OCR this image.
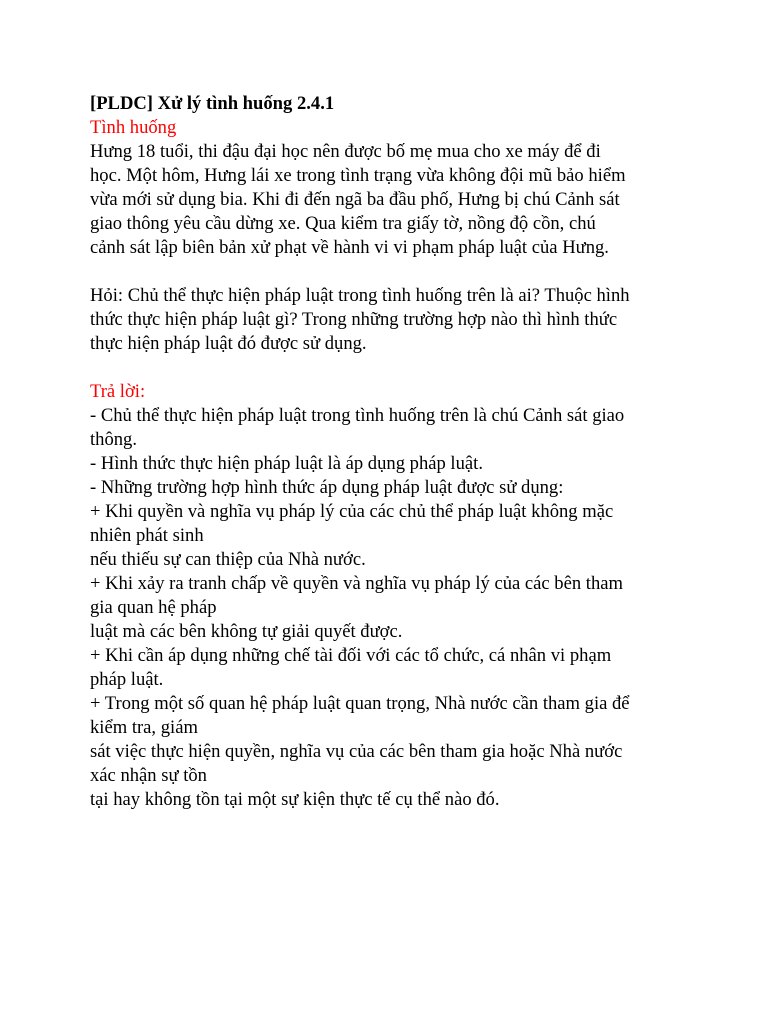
[PLDC] Xử lý tình huống 2.4.1
Tình huống
Hưng 18 tuổi, thi đậu đại học nên được bố mẹ mua cho xe máy để đi
học. Một hôm, Hưng lái xe trong tình trạng vừa không đội mũ bảo hiểm
vừa mới sử dụng bia. Khi đi đến ngã ba đầu phố, Hưng bị chú Cảnh sát
giao thông yêu cầu dừng xe. Qua kiểm tra giấy tờ, nồng độ cồn, chú
cảnh sát lập biên bản xử phạt về hành vi vi phạm pháp luật của Hưng.
Hỏi: Chủ thể thực hiện pháp luật trong tình huống trên là ai? Thuộc hình
thức thực hiện pháp luật gì? Trong những trường hợp nào thì hình thức
thực hiện pháp luật đó được sử dụng.
Trả lời:
- Chủ thể thực hiện pháp luật trong tình huống trên là chú Cảnh sát giao
thông.
- Hình thức thực hiện pháp luật là áp dụng pháp luật.
- Những trường hợp hình thức áp dụng pháp luật được sử dụng:
+ Khi quyền và nghĩa vụ pháp lý của các chủ thể pháp luật không mặc
nhiên phát sinh
nếu thiếu sự can thiệp của Nhà nước.
+ Khi xảy ra tranh chấp về quyền và nghĩa vụ pháp lý của các bên tham
gia quan hệ pháp
luật mà các bên không tự giải quyết được.
+ Khi cần áp dụng những chế tài đối với các tổ chức, cá nhân vi phạm
pháp luật.
+ Trong một số quan hệ pháp luật quan trọng, Nhà nước cần tham gia để
kiểm tra, giám
sát việc thực hiện quyền, nghĩa vụ của các bên tham gia hoặc Nhà nước
xác nhận sự tồn
tại hay không tồn tại một sự kiện thực tế cụ thể nào đó.
